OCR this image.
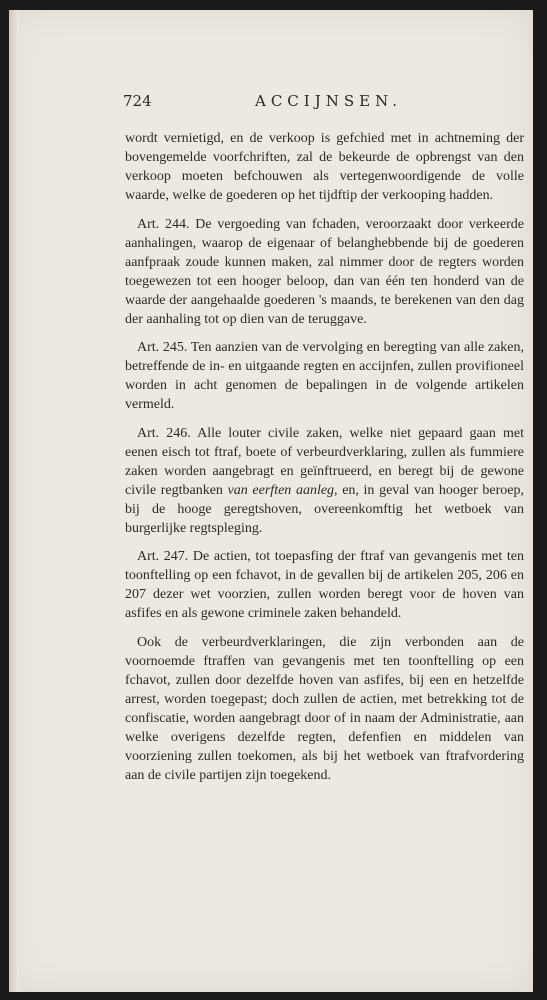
724	ACCIJNSEN.

wordt vernietigd, en de verkoop is gefchied met in achtneming der bovengemelde voorfchriften, zal de bekeurde de opbrengst van den verkoop moeten befchouwen als vertegenwoordigende de volle waarde, welke de goederen op het tijdftip der verkooping hadden.

Art. 244. De vergoeding van fchaden, veroorzaakt door verkeerde aanhalingen, waarop de eigenaar of belanghebbende bij de goederen aanfpraak zoude kunnen maken, zal nimmer door de regters worden toegewezen tot een hooger beloop, dan van één ten honderd van de waarde der aangehaalde goederen 's maands, te berekenen van den dag der aanhaling tot op dien van de teruggave.

Art. 245. Ten aanzien van de vervolging en beregting van alle zaken, betreffende de in- en uitgaande regten en accijnfen, zullen provifioneel worden in acht genomen de bepalingen in de volgende artikelen vermeld.

Art. 246. Alle louter civile zaken, welke niet gepaard gaan met eenen eisch tot ftraf, boete of verbeurdverklaring, zullen als fummiere zaken worden aangebragt en geïnftrueerd, en beregt bij de gewone civile regtbanken van eerften aanleg, en, in geval van hooger beroep, bij de hooge geregtshoven, overeenkomftig het wetboek van burgerlijke regtspleging.

Art. 247. De actien, tot toepasfing der ftraf van gevangenis met ten toonftelling op een fchavot, in de gevallen bij de artikelen 205, 206 en 207 dezer wet voorzien, zullen worden beregt voor de hoven van asfifes en als gewone criminele zaken behandeld.

Ook de verbeurdverklaringen, die zijn verbonden aan de voornoemde ftraffen van gevangenis met ten toonftelling op een fchavot, zullen door dezelfde hoven van asfifes, bij een en hetzelfde arrest, worden toegepast; doch zullen de actien, met betrekking tot de confiscatie, worden aangebragt door of in naam der Administratie, aan welke overigens dezelfde regten, defenfien en middelen van voorziening zullen toekomen, als bij het wetboek van ftrafvordering aan de civile partijen zijn toegekend.
